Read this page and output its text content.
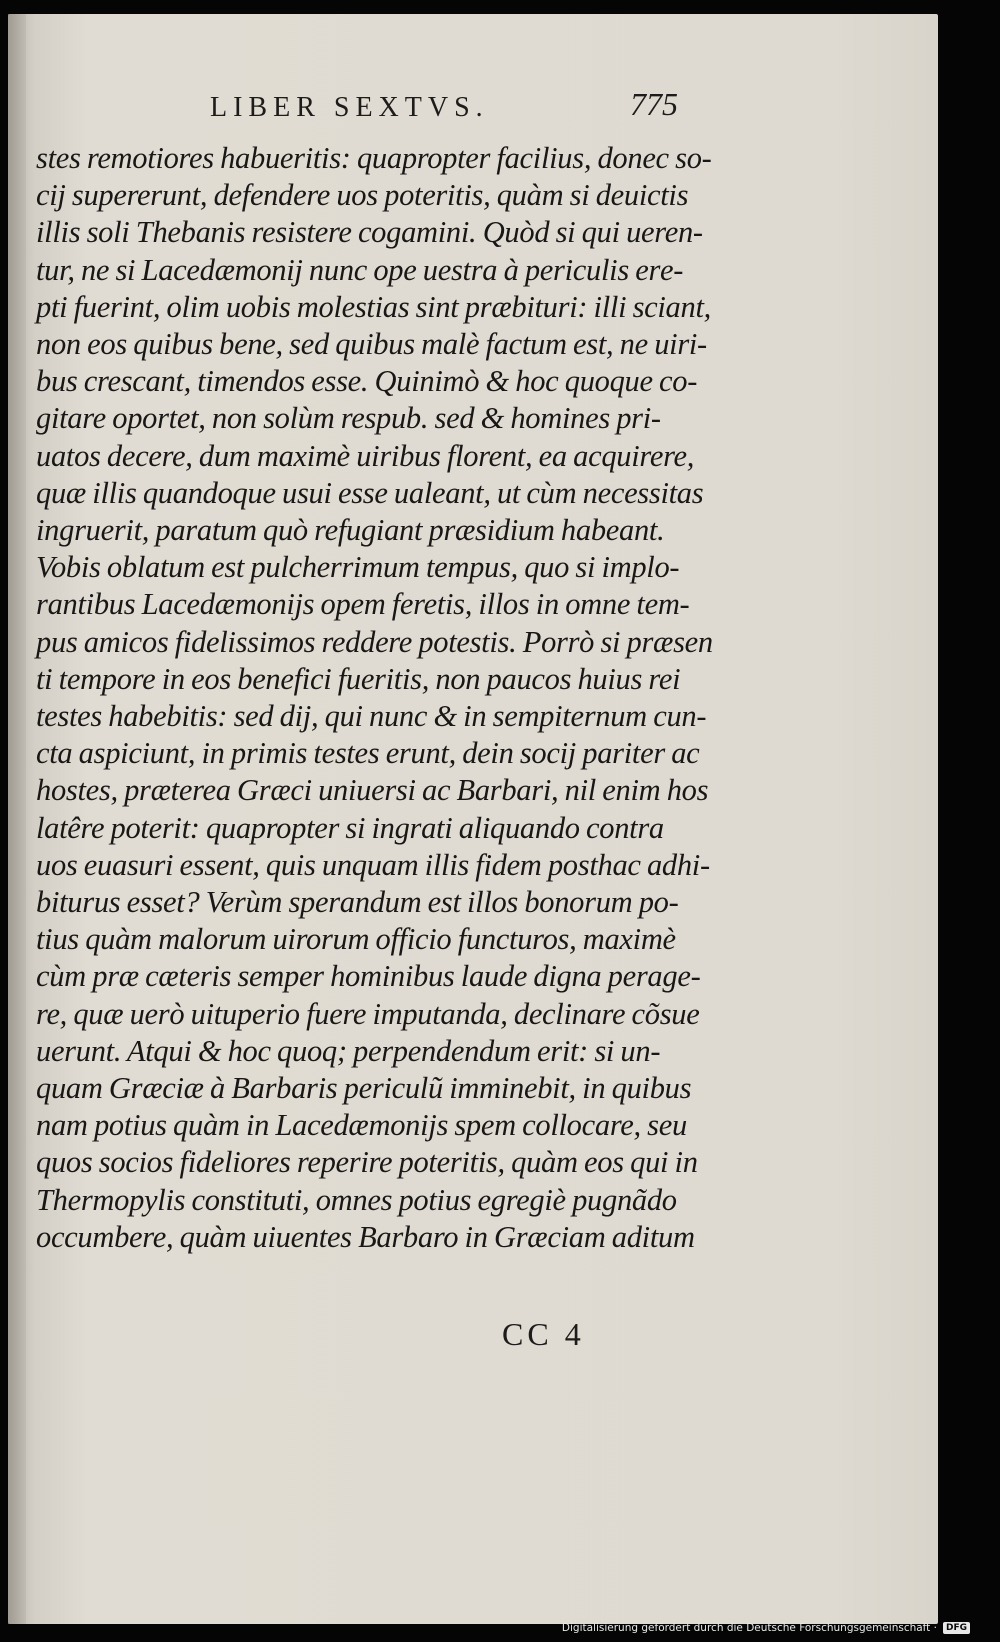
LIBER SEXTVS.	775
stes remotiores habueritis: quapropter facilius, donec so-
cij supererunt, defendere uos poteritis, quàm si deuictis
illis soli Thebanis resistere cogamini. Quòd si qui ueren-
tur, ne si Lacedæmonij nunc ope uestra à periculis erе-
pti fuerint, olim uobis molestias sint præbituri: illi sciant,
non eos quibus bene, sed quibus malè factum est, ne uiri-
bus crescant, timendos esse. Quinimò & hoc quoque co-
gitare oportet, non solùm respub. sed & homines pri-
uatos decere, dum maximè uiribus florent, ea acquirere,
quæ illis quandoque usui esse ualeant, ut cùm necessitas
ingruerit, paratum quò refugiant præsidium habeant.
Vobis oblatum est pulcherrimum tempus, quo si implo-
rantibus Lacedæmonijs opem feretis, illos in omne tem-
pus amicos fidelissimos reddere potestis. Porrò si præsen
ti tempore in eos benefici fueritis, non paucos huius rei
testes habebitis: sed dij, qui nunc & in sempiternum cun-
cta aspiciunt, in primis testes erunt, dein socij pariter ac
hostes, præterea Græci uniuersi ac Barbari, nil enim hos
latêre poterit: quapropter si ingrati aliquando contra
uos euasuri essent, quis unquam illis fidem posthac adhi-
biturus esset? Verùm sperandum est illos bonorum po-
tius quàm malorum uirorum officio functuros, maximè
cùm præ cæteris semper hominibus laude digna perage-
re, quæ uerò uituperio fuere imputanda, declinare cõsue
uerunt. Atqui & hoc quoq; perpendendum erit: si un-
quam Græciæ à Barbaris periculũ imminebit, in quibus
nam potius quàm in Lacedæmonijs spem collocare, seu
quos socios fideliores reperire poteritis, quàm eos qui in
Thermopylis constituti, omnes potius egregiè pugnãdo
occumbere, quàm uiuentes Barbaro in Græciam aditum
CC 4
Digitalisierung gefördert durch die Deutsche Forschungsgemeinschaft ·	DFG
